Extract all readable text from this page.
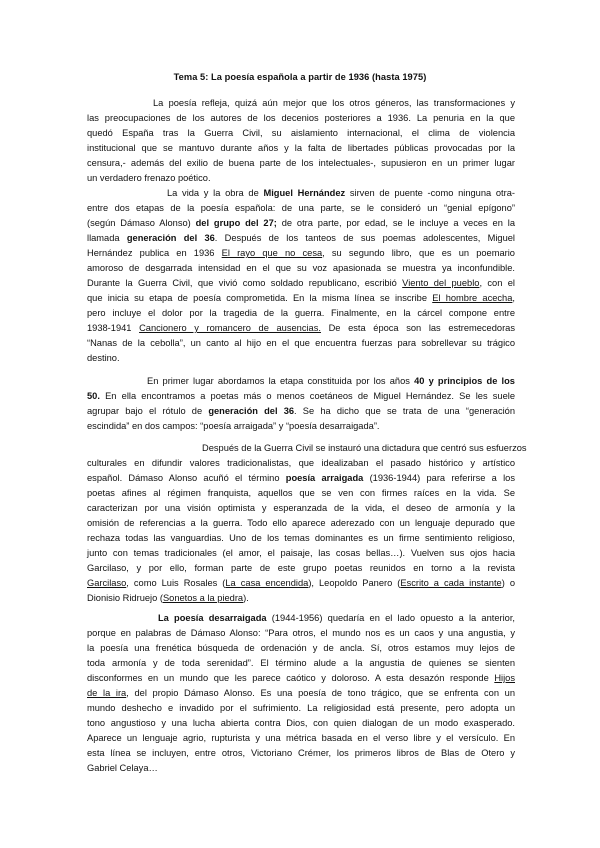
Tema 5: La poesía española a partir de 1936 (hasta 1975)
La poesía refleja, quizá aún mejor que los otros géneros, las transformaciones y
las preocupaciones de los autores de los decenios posteriores a 1936. La penuria en la que
quedó España tras la Guerra Civil, su aislamiento internacional, el clima de violencia
institucional que se mantuvo durante años y la falta de libertades públicas provocadas por la
censura,- además del exilio de buena parte de los intelectuales-, supusieron en un primer lugar
un verdadero frenazo poético.
La vida y la obra de Miguel Hernández sirven de puente -como ninguna otra-
entre dos etapas de la poesía española: de una parte, se le consideró un “genial epígono”
(según Dámaso Alonso) del grupo del 27; de otra parte, por edad, se le incluye a veces en la
llamada generación del 36. Después de los tanteos de sus poemas adolescentes, Miguel
Hernández publica en 1936 El rayo que no cesa, su segundo libro, que es un poemario
amoroso de desgarrada intensidad en el que su voz apasionada se muestra ya inconfundible.
Durante la Guerra Civil, que vivió como soldado republicano, escribió Viento del pueblo, con el
que inicia su etapa de poesía comprometida. En la misma línea se inscribe El hombre acecha,
pero incluye el dolor por la tragedia de la guerra. Finalmente, en la cárcel compone entre
1938-1941 Cancionero y romancero de ausencias. De esta época son las estremecedoras
“Nanas de la cebolla”, un canto al hijo en el que encuentra fuerzas para sobrellevar su trágico
destino.
En primer lugar abordamos la etapa constituida por los años 40 y principios de los
50. En ella encontramos a poetas más o menos coetáneos de Miguel Hernández. Se les suele
agrupar bajo el rótulo de generación del 36. Se ha dicho que se trata de una “generación
escindida” en dos campos: “poesía arraigada” y “poesía desarraigada”.
Después de la Guerra Civil se instauró una dictadura que centró sus esfuerzos
culturales en difundir valores tradicionalistas, que idealizaban el pasado histórico y artístico
español. Dámaso Alonso acuñó el término poesía arraigada (1936-1944) para referirse a los
poetas afines al régimen franquista, aquellos que se ven con firmes raíces en la vida. Se
caracterizan por una visión optimista y esperanzada de la vida, el deseo de armonía y la
omisión de referencias a la guerra. Todo ello aparece aderezado con un lenguaje depurado que
rechaza todas las vanguardias. Uno de los temas dominantes es un firme sentimiento religioso,
junto con temas tradicionales (el amor, el paisaje, las cosas bellas…). Vuelven sus ojos hacia
Garcilaso, y por ello, forman parte de este grupo poetas reunidos en torno a la revista
Garcilaso, como Luis Rosales (La casa encendida), Leopoldo Panero (Escrito a cada instante) o
Dionisio Ridruejo (Sonetos a la piedra).
La poesía desarraigada (1944-1956) quedaría en el lado opuesto a la anterior,
porque en palabras de Dámaso Alonso: “Para otros, el mundo nos es un caos y una angustia, y
la poesía una frenética búsqueda de ordenación y de ancla. Sí, otros estamos muy lejos de
toda armonía y de toda serenidad”. El término alude a la angustia de quienes se sienten
disconformes en un mundo que les parece caótico y doloroso. A esta desazón responde Hijos
de la ira, del propio Dámaso Alonso. Es una poesía de tono trágico, que se enfrenta con un
mundo deshecho e invadido por el sufrimiento. La religiosidad está presente, pero adopta un
tono angustioso y una lucha abierta contra Dios, con quien dialogan de un modo exasperado.
Aparece un lenguaje agrio, rupturista y una métrica basada en el verso libre y el versículo. En
esta línea se incluyen, entre otros, Victoriano Crémer, los primeros libros de Blas de Otero y
Gabriel Celaya…
